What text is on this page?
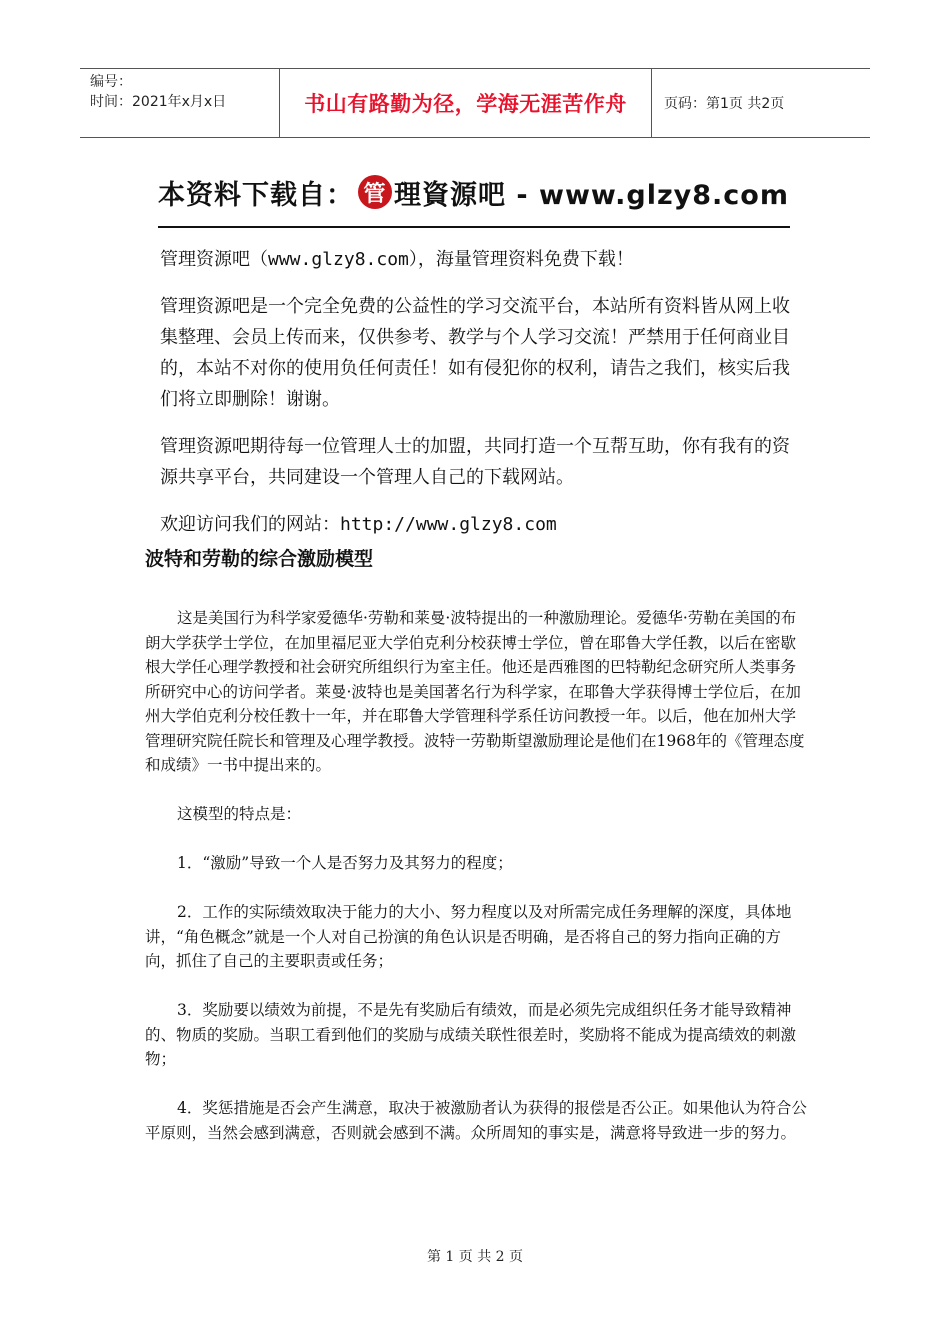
编号：
时间：2021年x月x日	书山有路勤为径，学海无涯苦作舟	页码：第1页 共2页
本资料下载自： 管 理資源吧 - www.glzy8.com

管理资源吧（www.glzy8.com），海量管理资料免费下载！

管理资源吧是一个完全免费的公益性的学习交流平台，本站所有资料皆从网上收集整理、会员上传而来，仅供参考、教学与个人学习交流！严禁用于任何商业目的，本站不对你的使用负任何责任！如有侵犯你的权利，请告之我们，核实后我们将立即删除！谢谢。

管理资源吧期待每一位管理人士的加盟，共同打造一个互帮互助，你有我有的资源共享平台，共同建设一个管理人自己的下载网站。

欢迎访问我们的网站：http://www.glzy8.com

波特和劳勒的综合激励模型

这是美国行为科学家爱德华·劳勒和莱曼·波特提出的一种激励理论。爱德华·劳勒在美国的布朗大学获学士学位，在加里福尼亚大学伯克利分校获博士学位，曾在耶鲁大学任教，以后在密歇根大学任心理学教授和社会研究所组织行为室主任。他还是西雅图的巴特勒纪念研究所人类事务所研究中心的访问学者。莱曼·波特也是美国著名行为科学家，在耶鲁大学获得博士学位后，在加州大学伯克利分校任教十一年，并在耶鲁大学管理科学系任访问教授一年。以后，他在加州大学管理研究院任院长和管理及心理学教授。波特一劳勒斯望激励理论是他们在1968年的《管理态度和成绩》一书中提出来的。

这模型的特点是：

1．“激励”导致一个人是否努力及其努力的程度；

2．工作的实际绩效取决于能力的大小、努力程度以及对所需完成任务理解的深度，具体地讲，“角色概念”就是一个人对自己扮演的角色认识是否明确，是否将自己的努力指向正确的方向，抓住了自己的主要职责或任务；

3．奖励要以绩效为前提，不是先有奖励后有绩效，而是必须先完成组织任务才能导致精神的、物质的奖励。当职工看到他们的奖励与成绩关联性很差时，奖励将不能成为提高绩效的刺激物；

4．奖惩措施是否会产生满意，取决于被激励者认为获得的报偿是否公正。如果他认为符合公平原则，当然会感到满意，否则就会感到不满。众所周知的事实是，满意将导致进一步的努力。

第 1 页 共 2 页
